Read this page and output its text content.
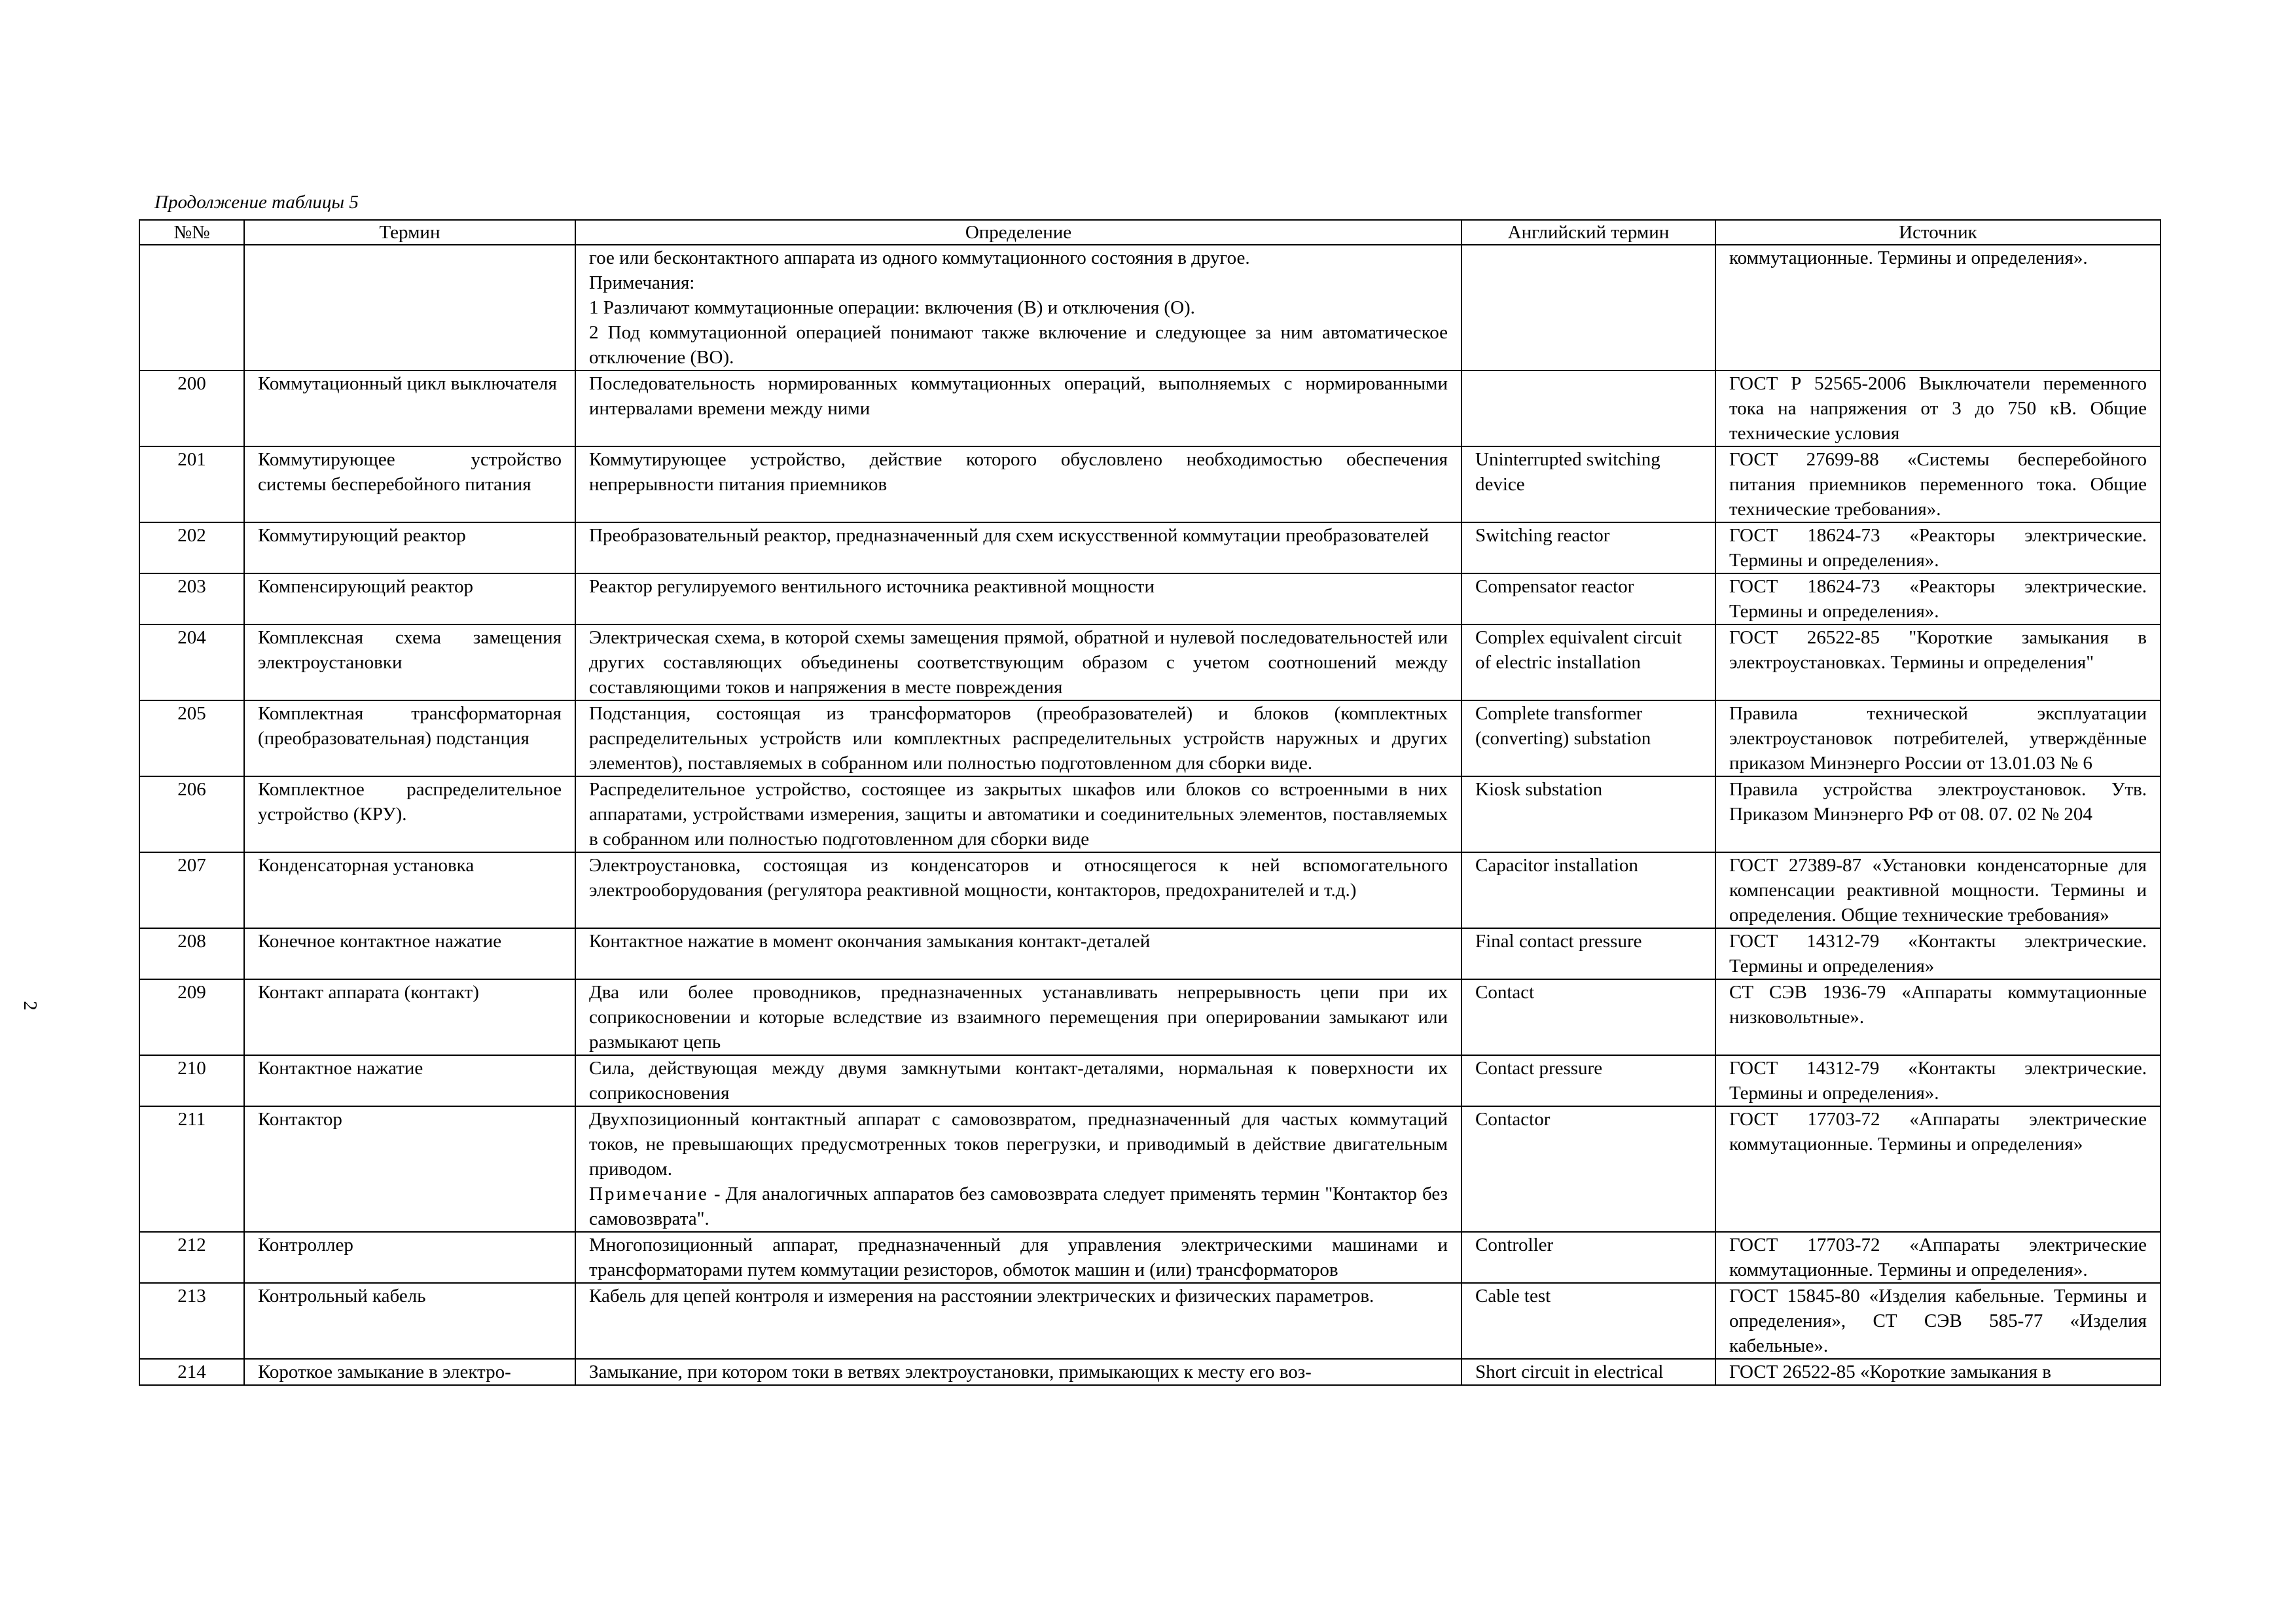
Продолжение таблицы 5
2
№№	Термин	Определение	Английский термин	Источник

		гое или бесконтактного аппарата из одного коммутационного состояния в другое.
Примечания:
1 Различают коммутационные операции: включения (В) и отключения (О).
2 Под коммутационной операцией понимают также включение и следующее за ним автоматическое отключение (ВО).		коммутационные. Термины и определения».
200	Коммутационный цикл выключателя	Последовательность нормированных коммутационных операций, выполняемых с нормированными интервалами времени между ними		ГОСТ Р 52565-2006 Выключатели переменного тока на напряжения от 3 до 750 кВ. Общие технические условия
201	Коммутирующее устройство системы бесперебойного питания	Коммутирующее устройство, действие которого обусловлено необходимостью обеспечения непрерывности питания приемников	Uninterrupted switching device	ГОСТ 27699-88 «Системы бесперебойного питания приемников переменного тока. Общие технические требования».
202	Коммутирующий реактор	Преобразовательный реактор, предназначенный для схем искусственной коммутации преобразователей	Switching reactor	ГОСТ 18624-73 «Реакторы электрические. Термины и определения».
203	Компенсирующий реактор	Реактор регулируемого вентильного источника реактивной мощности	Compensator reactor	ГОСТ 18624-73 «Реакторы электрические. Термины и определения».
204	Комплексная схема замещения электроустановки	Электрическая схема, в которой схемы замещения прямой, обратной и нулевой последовательностей или других составляющих объединены соответствующим образом с учетом соотношений между составляющими токов и напряжения в месте повреждения	Complex equivalent circuit of electric installation	ГОСТ 26522-85 "Короткие замыкания в электроустановках. Термины и определения"
205	Комплектная трансформаторная (преобразовательная) подстанция	Подстанция, состоящая из трансформаторов (преобразователей) и блоков (комплектных распределительных устройств или комплектных распределительных устройств наружных и других элементов), поставляемых в собранном или полностью подготовленном для сборки виде.	Complete transformer (converting) substation	Правила технической эксплуатации электроустановок потребителей, утверждённые приказом Минэнерго России от 13.01.03 № 6
206	Комплектное распределительное устройство (КРУ).	Распределительное устройство, состоящее из закрытых шкафов или блоков со встроенными в них аппаратами, устройствами измерения, защиты и автоматики и соединительных элементов, поставляемых в собранном или полностью подготовленном для сборки виде	Kiosk substation	Правила устройства электроустановок. Утв. Приказом Минэнерго РФ от 08. 07. 02 № 204
207	Конденсаторная установка	Электроустановка, состоящая из конденсаторов и относящегося к ней вспомогательного электрооборудования (регулятора реактивной мощности, контакторов, предохранителей и т.д.)	Capacitor installation	ГОСТ 27389-87 «Установки конденсаторные для компенсации реактивной мощности. Термины и определения. Общие технические требования»
208	Конечное контактное нажатие	Контактное нажатие в момент окончания замыкания контакт-деталей	Final contact pressure	ГОСТ 14312-79 «Контакты электрические. Термины и определения»
209	Контакт аппарата (контакт)	Два или более проводников, предназначенных устанавливать непрерывность цепи при их соприкосновении и которые вследствие из взаимного перемещения при оперировании замыкают или размыкают цепь	Contact	СТ СЭВ 1936-79 «Аппараты коммутационные низковольтные».
210	Контактное нажатие	Сила, действующая между двумя замкнутыми контакт-деталями, нормальная к поверхности их соприкосновения	Contact pressure	ГОСТ 14312-79 «Контакты электрические. Термины и определения».
211	Контактор	Двухпозиционный контактный аппарат с самовозвратом, предназначенный для частых коммутаций токов, не превышающих предусмотренных токов перегрузки, и приводимый в действие двигательным приводом.
Примечание - Для аналогичных аппаратов без самовозврата следует применять термин "Контактор без самовозврата".	Contactor	ГОСТ 17703-72 «Аппараты электрические коммутационные. Термины и определения»
212	Контроллер	Многопозиционный аппарат, предназначенный для управления электрическими машинами и трансформаторами путем коммутации резисторов, обмоток машин и (или) трансформаторов	Controller	ГОСТ 17703-72 «Аппараты электрические коммутационные. Термины и определения».
213	Контрольный кабель	Кабель для цепей контроля и измерения на расстоянии электрических и физических параметров.	Cable test	ГОСТ 15845-80 «Изделия кабельные. Термины и определения», СТ СЭВ 585-77 «Изделия кабельные».
214	Короткое замыкание в электро-	Замыкание, при котором токи в ветвях электроустановки, примыкающих к месту его воз-	Short circuit in electrical	ГОСТ 26522-85 «Короткие замыкания в
